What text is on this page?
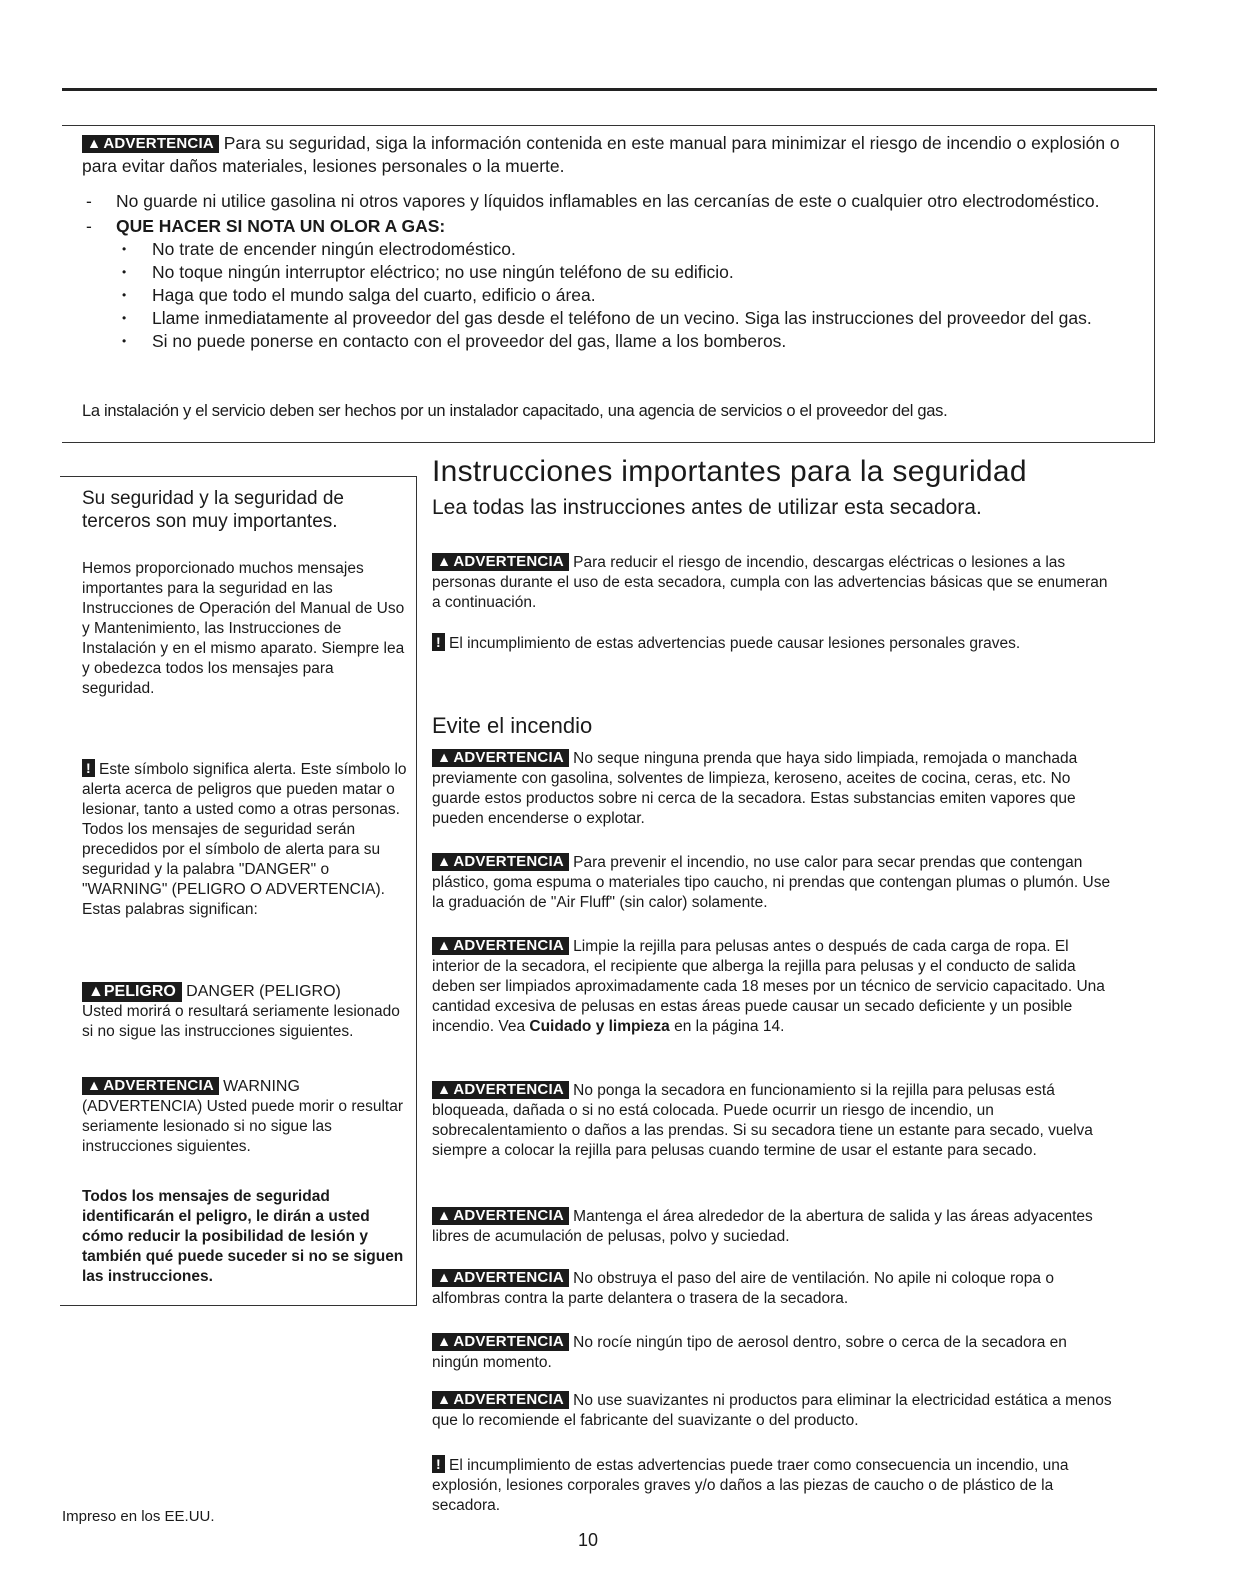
▲ ADVERTENCIA Para su seguridad, siga la información contenida en este manual para minimizar el riesgo de incendio o explosión o para evitar daños materiales, lesiones personales o la muerte.
- No guarde ni utilice gasolina ni otros vapores y líquidos inflamables en las cercanías de este o cualquier otro electrodoméstico.
- QUE HACER SI NOTA UN OLOR A GAS:
• No trate de encender ningún electrodoméstico.
• No toque ningún interruptor eléctrico; no use ningún teléfono de su edificio.
• Haga que todo el mundo salga del cuarto, edificio o área.
• Llame inmediatamente al proveedor del gas desde el teléfono de un vecino. Siga las instrucciones del proveedor del gas.
• Si no puede ponerse en contacto con el proveedor del gas, llame a los bomberos.
La instalación y el servicio deben ser hechos por un instalador capacitado, una agencia de servicios o el proveedor del gas.
Su seguridad y la seguridad de terceros son muy importantes.
Hemos proporcionado muchos mensajes importantes para la seguridad en las Instrucciones de Operación del Manual de Uso y Mantenimiento, las Instrucciones de Instalación y en el mismo aparato. Siempre lea y obedezca todos los mensajes para seguridad.
! Este símbolo significa alerta. Este símbolo lo alerta acerca de peligros que pueden matar o lesionar, tanto a usted como a otras personas. Todos los mensajes de seguridad serán precedidos por el símbolo de alerta para su seguridad y la palabra "DANGER" o "WARNING" (PELIGRO O ADVERTENCIA). Estas palabras significan:
▲PELIGRO DANGER (PELIGRO)
Usted morirá o resultará seriamente lesionado si no sigue las instrucciones siguientes.
▲ ADVERTENCIA WARNING
(ADVERTENCIA) Usted puede morir o resultar seriamente lesionado si no sigue las instrucciones siguientes.
Todos los mensajes de seguridad identificarán el peligro, le dirán a usted cómo reducir la posibilidad de lesión y también qué puede suceder si no se siguen las instrucciones.
Instrucciones importantes para la seguridad
Lea todas las instrucciones antes de utilizar esta secadora.
▲ ADVERTENCIA Para reducir el riesgo de incendio, descargas eléctricas o lesiones a las personas durante el uso de esta secadora, cumpla con las advertencias básicas que se enumeran a continuación.
! El incumplimiento de estas advertencias puede causar lesiones personales graves.
Evite el incendio
▲ ADVERTENCIA No seque ninguna prenda que haya sido limpiada, remojada o manchada previamente con gasolina, solventes de limpieza, keroseno, aceites de cocina, ceras, etc. No guarde estos productos sobre ni cerca de la secadora. Estas substancias emiten vapores que pueden encenderse o explotar.
▲ ADVERTENCIA Para prevenir el incendio, no use calor para secar prendas que contengan plástico, goma espuma o materiales tipo caucho, ni prendas que contengan plumas o plumón. Use la graduación de "Air Fluff" (sin calor) solamente.
▲ ADVERTENCIA Limpie la rejilla para pelusas antes o después de cada carga de ropa. El interior de la secadora, el recipiente que alberga la rejilla para pelusas y el conducto de salida deben ser limpiados aproximadamente cada 18 meses por un técnico de servicio capacitado. Una cantidad excesiva de pelusas en estas áreas puede causar un secado deficiente y un posible incendio. Vea Cuidado y limpieza en la página 14.
▲ ADVERTENCIA No ponga la secadora en funcionamiento si la rejilla para pelusas está bloqueada, dañada o si no está colocada. Puede ocurrir un riesgo de incendio, un sobrecalentamiento o daños a las prendas. Si su secadora tiene un estante para secado, vuelva siempre a colocar la rejilla para pelusas cuando termine de usar el estante para secado.
▲ ADVERTENCIA Mantenga el área alrededor de la abertura de salida y las áreas adyacentes libres de acumulación de pelusas, polvo y suciedad.
▲ ADVERTENCIA No obstruya el paso del aire de ventilación. No apile ni coloque ropa o alfombras contra la parte delantera o trasera de la secadora.
▲ ADVERTENCIA No rocíe ningún tipo de aerosol dentro, sobre o cerca de la secadora en ningún momento.
▲ ADVERTENCIA No use suavizantes ni productos para eliminar la electricidad estática a menos que lo recomiende el fabricante del suavizante o del producto.
! El incumplimiento de estas advertencias puede traer como consecuencia un incendio, una explosión, lesiones corporales graves y/o daños a las piezas de caucho o de plástico de la secadora.
Impreso en los EE.UU.
10
